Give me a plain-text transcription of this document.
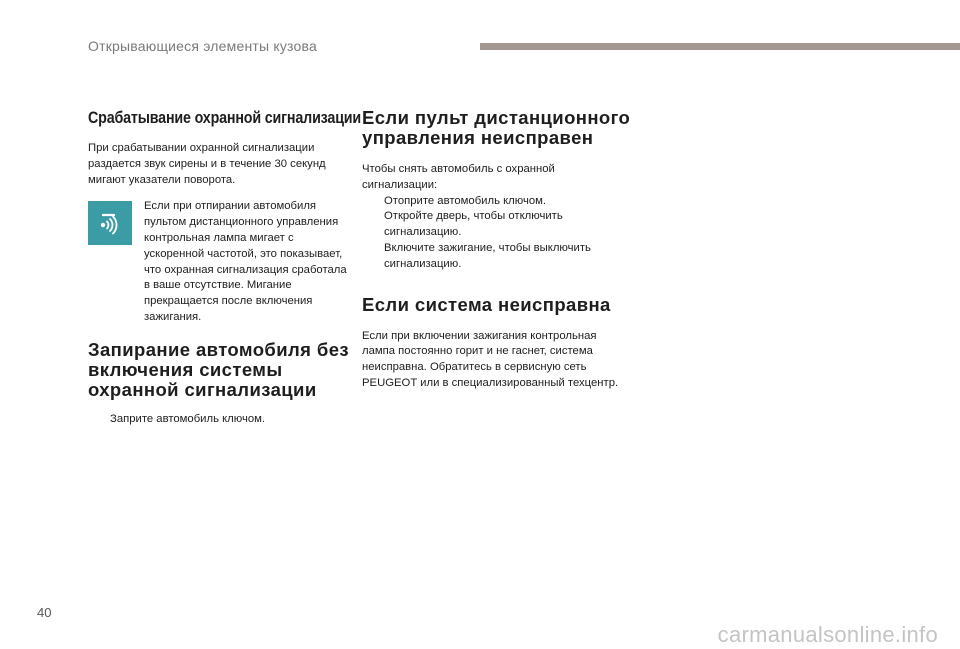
Открывающиеся элементы кузова
Срабатывание охранной сигнализации

При срабатывании охранной сигнализации раздается звук сирены и в течение 30 секунд мигают указатели поворота.

Если при отпирании автомобиля пультом дистанционного управления контрольная лампа мигает с ускоренной частотой, это показывает, что охранная сигнализация сработала в ваше отсутствие. Мигание прекращается после включения зажигания.

Запирание автомобиля без включения системы охранной сигнализации
Заприте автомобиль ключом.
Если пульт дистанционного управления неисправен

Чтобы снять автомобиль с охранной сигнализации:

Отоприте автомобиль ключом.
Откройте дверь, чтобы отключить сигнализацию.
Включите зажигание, чтобы выключить сигнализацию.
Если система неисправна

Если при включении зажигания контрольная лампа постоянно горит и не гаснет, система неисправна. Обратитесь в сервисную сеть PEUGEOT или в специализированный техцентр.

40
carmanualsonline.info
